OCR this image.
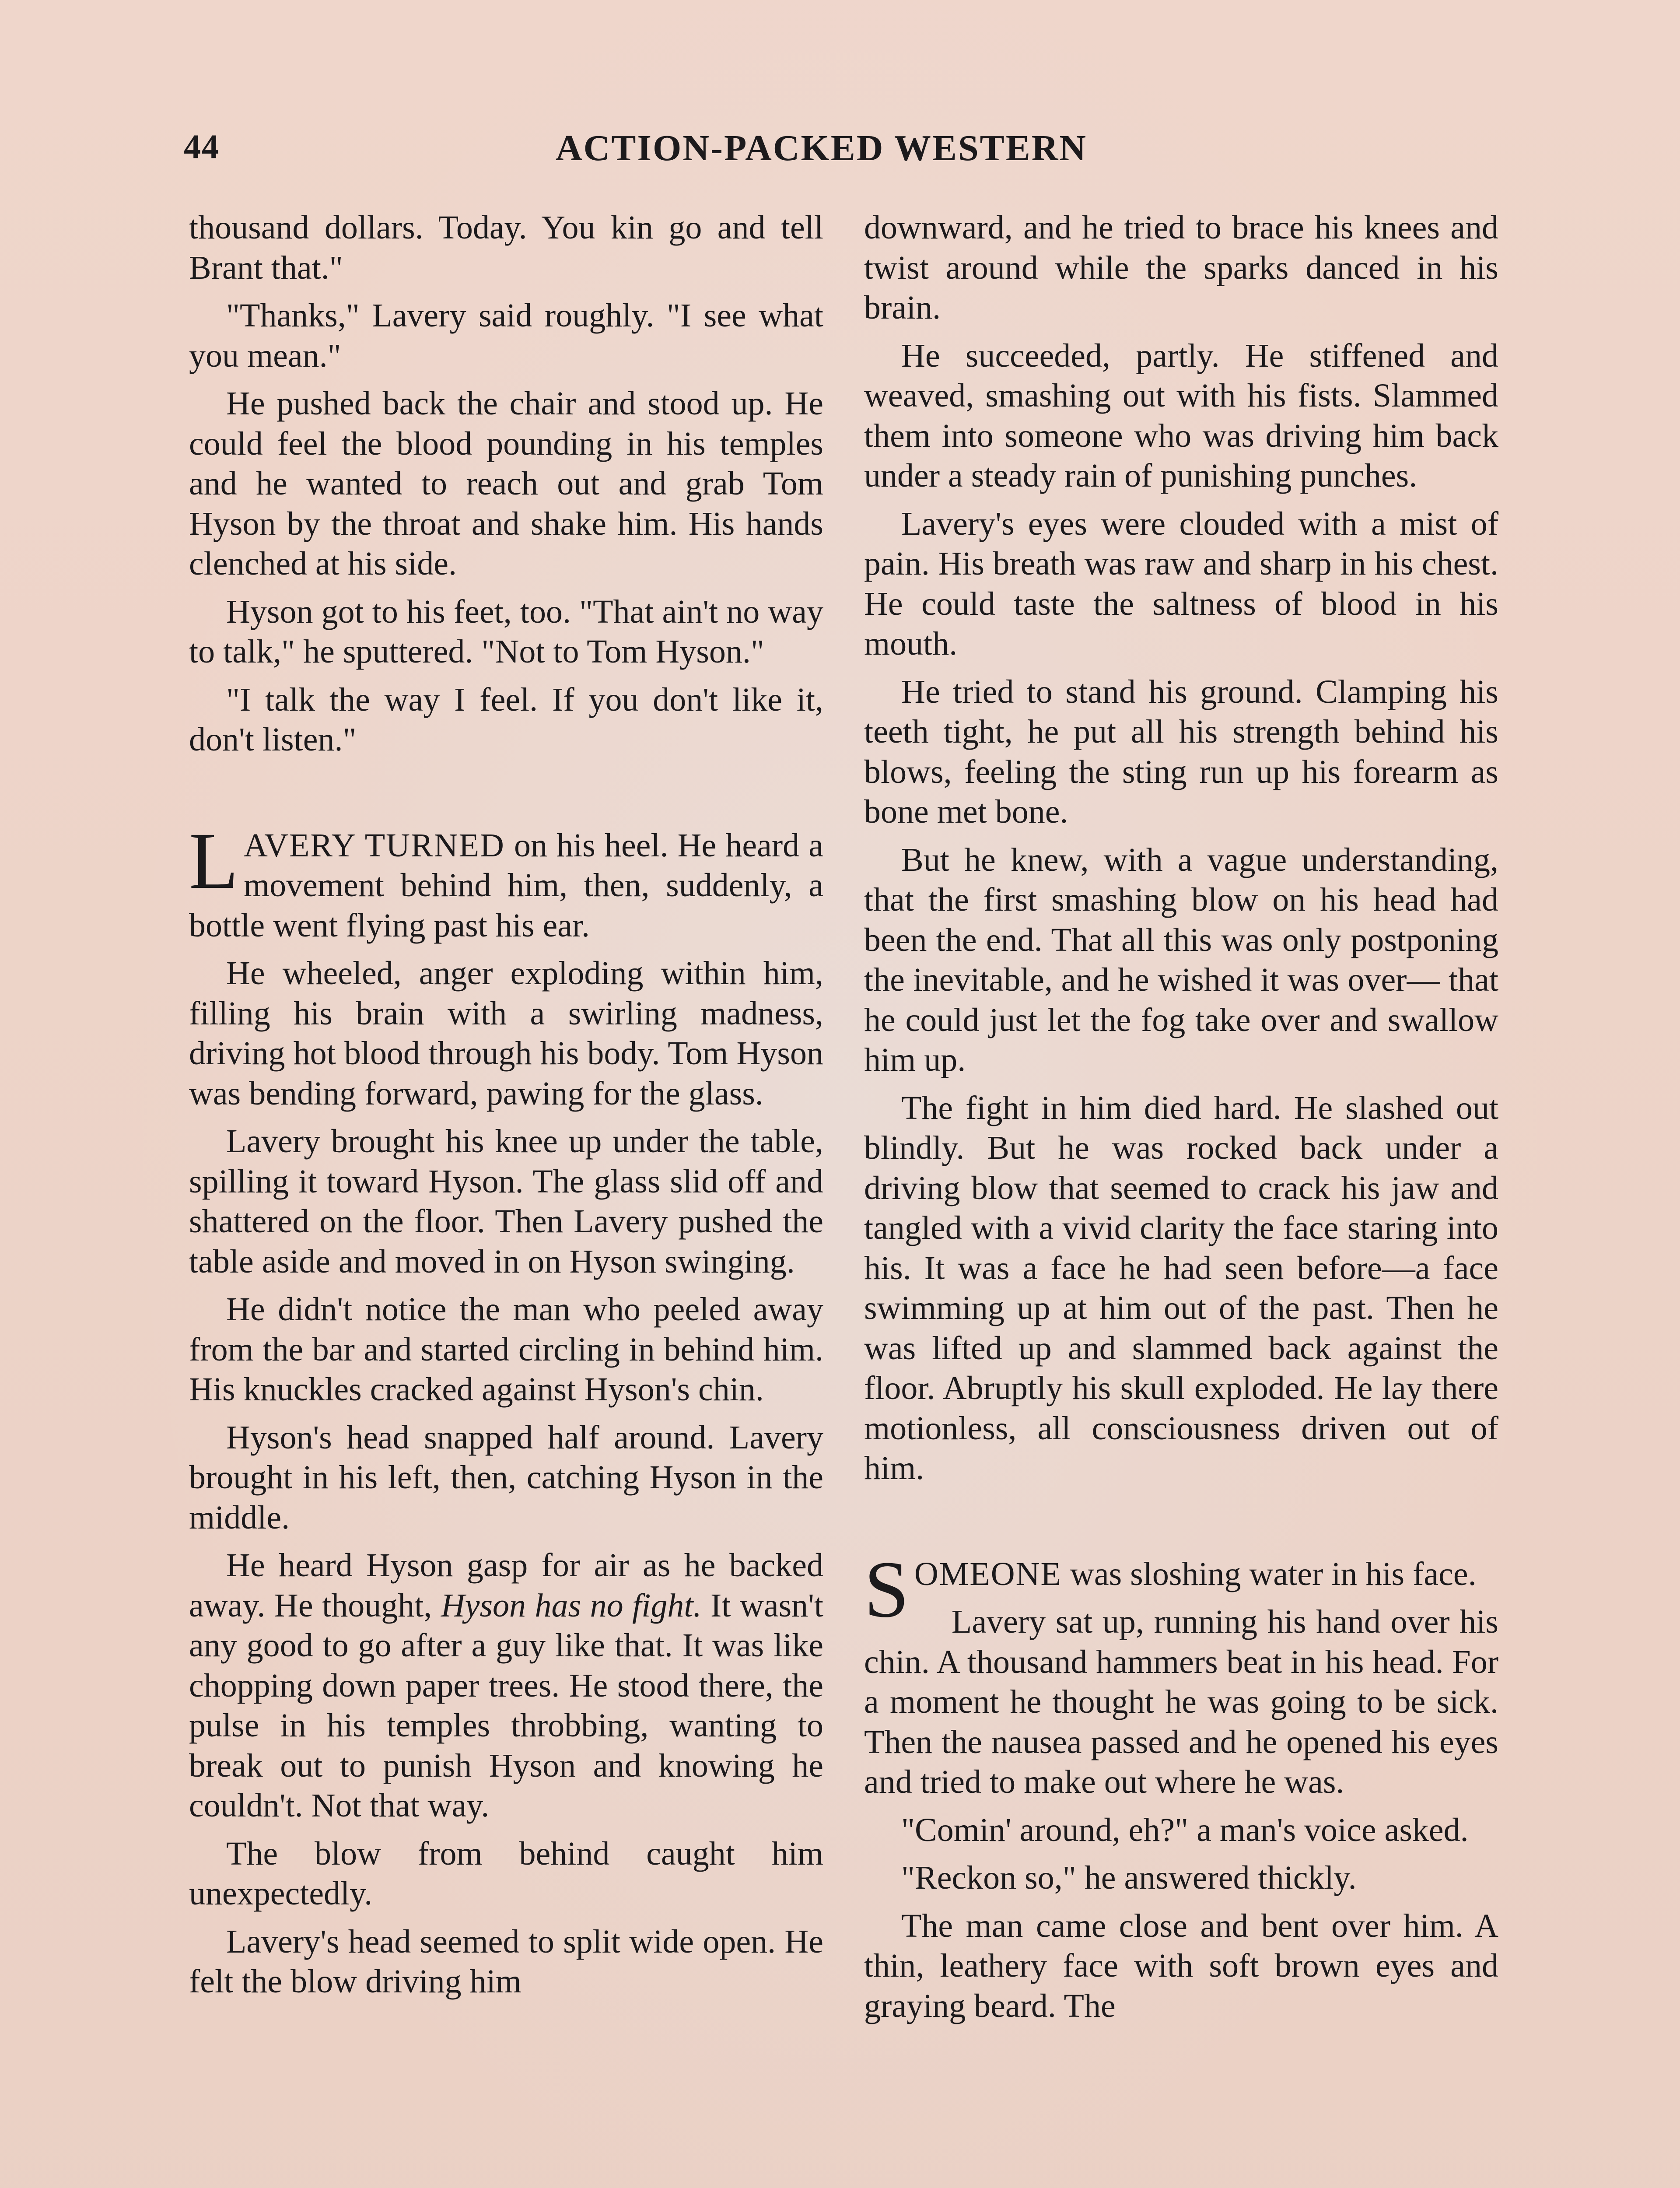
44	ACTION-PACKED WESTERN

thousand dollars. Today. You kin go and tell Brant that."

"Thanks," Lavery said roughly. "I see what you mean."

He pushed back the chair and stood up. He could feel the blood pounding in his temples and he wanted to reach out and grab Tom Hyson by the throat and shake him. His hands clenched at his side.

Hyson got to his feet, too. "That ain't no way to talk," he sputtered. "Not to Tom Hyson."

"I talk the way I feel. If you don't like it, don't listen."

LAVERY TURNED on his heel. He heard a movement behind him, then, suddenly, a bottle went flying past his ear.

He wheeled, anger exploding within him, filling his brain with a swirling madness, driving hot blood through his body. Tom Hyson was bending forward, pawing for the glass.

Lavery brought his knee up under the table, spilling it toward Hyson. The glass slid off and shattered on the floor. Then Lavery pushed the table aside and moved in on Hyson swinging.

He didn't notice the man who peeled away from the bar and started circling in behind him. His knuckles cracked against Hyson's chin.

Hyson's head snapped half around. Lavery brought in his left, then, catching Hyson in the middle.

He heard Hyson gasp for air as he backed away. He thought, Hyson has no fight. It wasn't any good to go after a guy like that. It was like chopping down paper trees. He stood there, the pulse in his temples throbbing, wanting to break out to punish Hyson and knowing he couldn't. Not that way.

The blow from behind caught him unexpectedly.

Lavery's head seemed to split wide open. He felt the blow driving him

downward, and he tried to brace his knees and twist around while the sparks danced in his brain.

He succeeded, partly. He stiffened and weaved, smashing out with his fists. Slammed them into someone who was driving him back under a steady rain of punishing punches.

Lavery's eyes were clouded with a mist of pain. His breath was raw and sharp in his chest. He could taste the saltness of blood in his mouth.

He tried to stand his ground. Clamping his teeth tight, he put all his strength behind his blows, feeling the sting run up his forearm as bone met bone.

But he knew, with a vague understanding, that the first smashing blow on his head had been the end. That all this was only postponing the inevitable, and he wished it was over— that he could just let the fog take over and swallow him up.

The fight in him died hard. He slashed out blindly. But he was rocked back under a driving blow that seemed to crack his jaw and tangled with a vivid clarity the face staring into his. It was a face he had seen before—a face swimming up at him out of the past. Then he was lifted up and slammed back against the floor. Abruptly his skull exploded. He lay there motionless, all consciousness driven out of him.

SOMEONE was sloshing water in his face.

Lavery sat up, running his hand over his chin. A thousand hammers beat in his head. For a moment he thought he was going to be sick. Then the nausea passed and he opened his eyes and tried to make out where he was.

"Comin' around, eh?" a man's voice asked.

"Reckon so," he answered thickly.

The man came close and bent over him. A thin, leathery face with soft brown eyes and graying beard. The
